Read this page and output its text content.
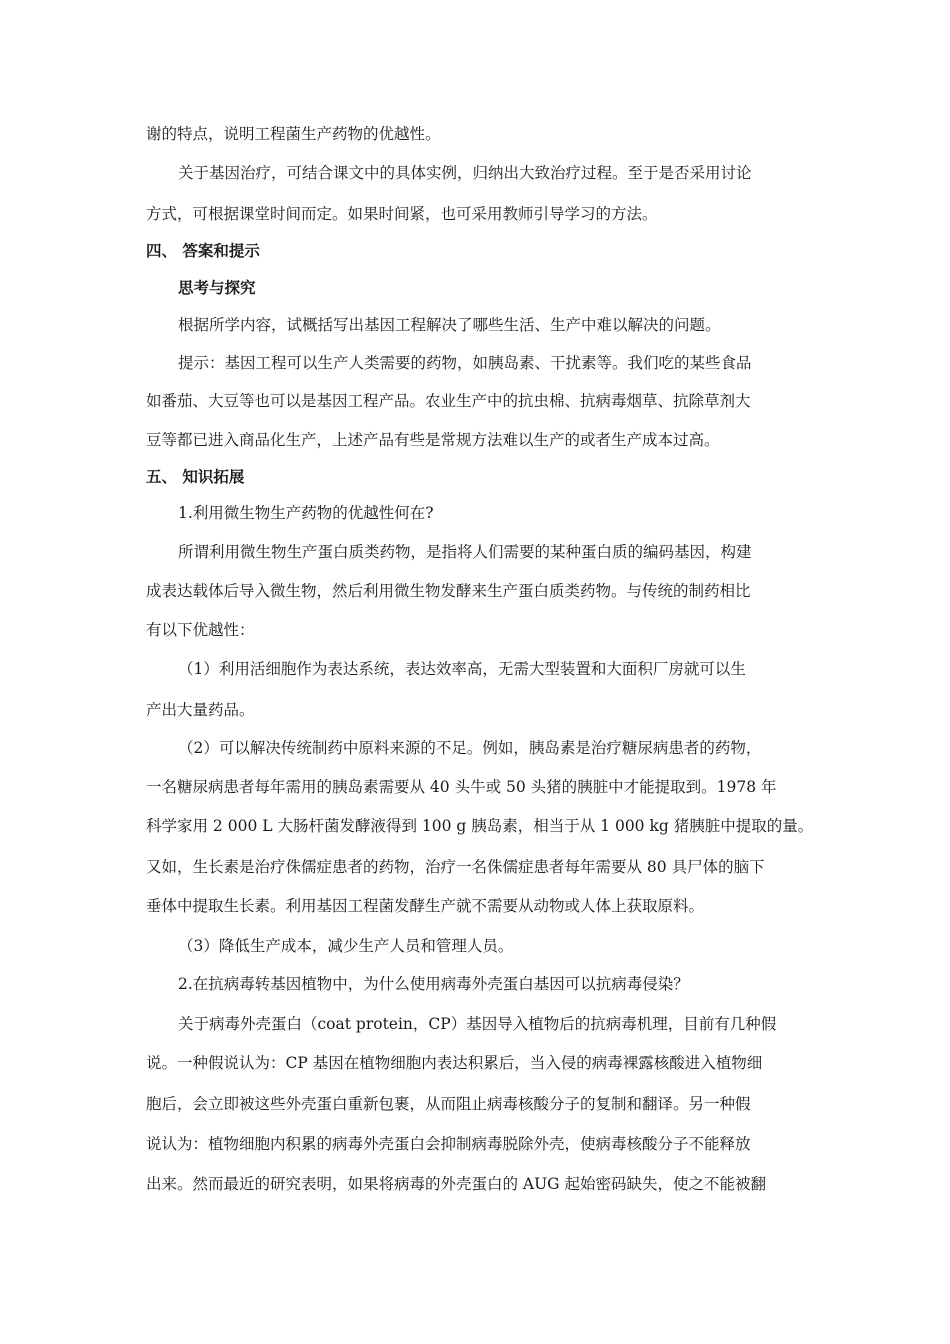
谢的特点，说明工程菌生产药物的优越性。
关于基因治疗，可结合课文中的具体实例，归纳出大致治疗过程。至于是否采用讨论
方式，可根据课堂时间而定。如果时间紧，也可采用教师引导学习的方法。
四、 答案和提示
思考与探究
根据所学内容，试概括写出基因工程解决了哪些生活、生产中难以解决的问题。
提示：基因工程可以生产人类需要的药物，如胰岛素、干扰素等。我们吃的某些食品
如番茄、大豆等也可以是基因工程产品。农业生产中的抗虫棉、抗病毒烟草、抗除草剂大
豆等都已进入商品化生产，上述产品有些是常规方法难以生产的或者生产成本过高。
五、 知识拓展
1.利用微生物生产药物的优越性何在?
所谓利用微生物生产蛋白质类药物，是指将人们需要的某种蛋白质的编码基因，构建
成表达载体后导入微生物，然后利用微生物发酵来生产蛋白质类药物。与传统的制药相比
有以下优越性：
（1）利用活细胞作为表达系统，表达效率高，无需大型装置和大面积厂房就可以生
产出大量药品。
（2）可以解决传统制药中原料来源的不足。例如，胰岛素是治疗糖尿病患者的药物，
一名糖尿病患者每年需用的胰岛素需要从 40 头牛或 50 头猪的胰脏中才能提取到。1978 年
科学家用 2 000 L 大肠杆菌发酵液得到 100 g 胰岛素，相当于从 1 000 kg 猪胰脏中提取的量。
又如，生长素是治疗侏儒症患者的药物，治疗一名侏儒症患者每年需要从 80 具尸体的脑下
垂体中提取生长素。利用基因工程菌发酵生产就不需要从动物或人体上获取原料。
（3）降低生产成本，减少生产人员和管理人员。
2.在抗病毒转基因植物中，为什么使用病毒外壳蛋白基因可以抗病毒侵染？
关于病毒外壳蛋白（coat protein，CP）基因导入植物后的抗病毒机理，目前有几种假
说。一种假说认为：CP 基因在植物细胞内表达积累后，当入侵的病毒裸露核酸进入植物细
胞后，会立即被这些外壳蛋白重新包裹，从而阻止病毒核酸分子的复制和翻译。另一种假
说认为：植物细胞内积累的病毒外壳蛋白会抑制病毒脱除外壳，使病毒核酸分子不能释放
出来。然而最近的研究表明，如果将病毒的外壳蛋白的 AUG 起始密码缺失，使之不能被翻
